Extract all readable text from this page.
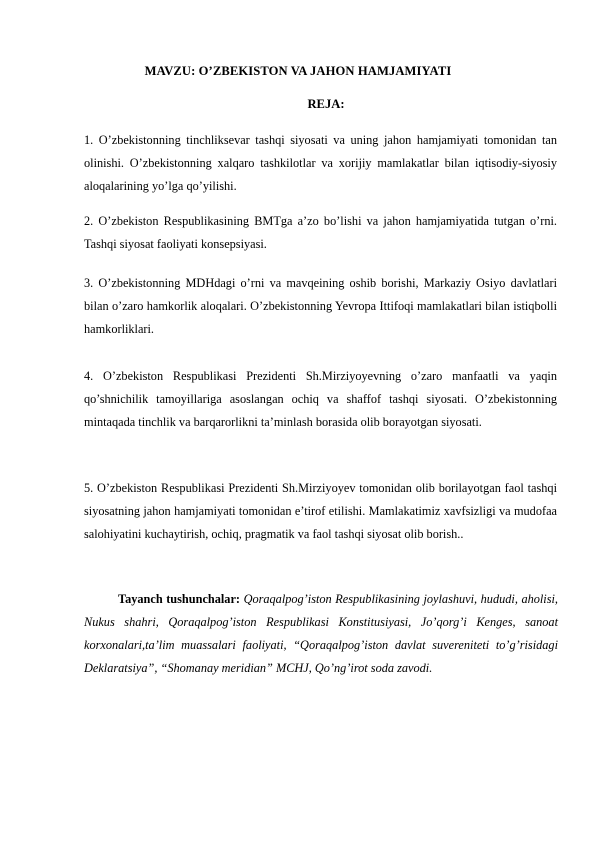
MAVZU: O’ZBEKISTON VA JAHON HAMJAMIYATI
REJA:

1. O’zbekistonning tinchliksevar tashqi siyosati va uning jahon hamjamiyati tomonidan tan olinishi. O’zbekistonning xalqaro tashkilotlar va xorijiy mamlakatlar bilan iqtisodiy-siyosiy aloqalarining yo’lga qo’yilishi.

2. O’zbekiston Respublikasining BMTga a’zo bo’lishi va jahon hamjamiyatida tutgan o’rni. Tashqi siyosat faoliyati konsepsiyasi.

3. O’zbekistonning MDHdagi o’rni va mavqeining oshib borishi, Markaziy Osiyo davlatlari bilan o’zaro hamkorlik aloqalari. O’zbekistonning Yevropa Ittifoqi mamlakatlari bilan istiqbolli hamkorliklari.

4. O’zbekiston Respublikasi Prezidenti Sh.Mirziyoyevning o’zaro manfaatli va yaqin qo’shnichilik tamoyillariga asoslangan ochiq va shaffof tashqi siyosati. O’zbekistonning mintaqada tinchlik va barqarorlikni ta’minlash borasida olib borayotgan siyosati.

5. O’zbekiston Respublikasi Prezidenti Sh.Mirziyoyev tomonidan olib borilayotgan faol tashqi siyosatning jahon hamjamiyati tomonidan e’tirof etilishi. Mamlakatimiz xavfsizligi va mudofaa salohiyatini kuchaytirish, ochiq, pragmatik va faol tashqi siyosat olib borish..

Tayanch tushunchalar: Qoraqalpog’iston Respublikasining joylashuvi, hududi, aholisi, Nukus shahri, Qoraqalpog’iston Respublikasi Konstitusiyasi, Jo’qorg’i Kenges, sanoat korxonalari,ta’lim muassalari faoliyati, “Qoraqalpog’iston davlat suvereniteti to’g’risidagi Deklaratsiya”, “Shomanay meridian” MCHJ, Qo’ng’irot soda zavodi.
